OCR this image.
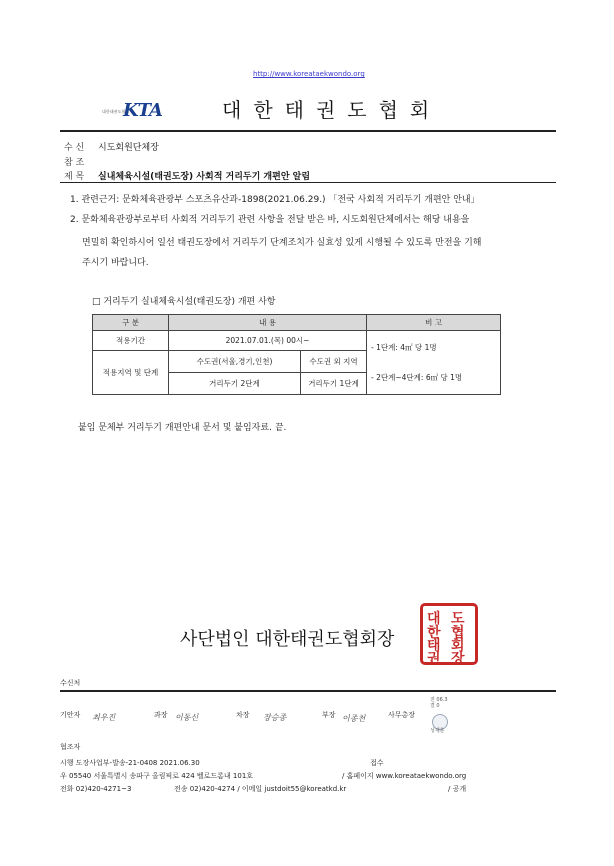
http://www.koreataekwondo.org
대한태권도협회
KTA	대한태권도협회
수 신 시도회원단체장
참 조
제 목 실내체육시설(태권도장) 사회적 거리두기 개편안 알림
1. 관련근거: 문화체육관광부 스포츠유산과-1898(2021.06.29.) 「전국 사회적 거리두기 개편안 안내」
2. 문화체육관광부로부터 사회적 거리두기 관련 사항을 전달 받은 바, 시도회원단체에서는 해당 내용을
면밀히 확인하시어 일선 태권도장에서 거리두기 단계조치가 실효성 있게 시행될 수 있도록 만전을 기해
주시기 바랍니다.
□ 거리두기 실내체육시설(태권도장) 개편 사항
구 분	내 용		비 고
적용기간	2021.07.01.(목) 00시~		- 1단계: 4㎡ 당 1명
- 2단계~4단계: 6㎡ 당 1명

적용지역 및 단계	수도권(서울,경기,인천)	수도권 외 지역	
	거리두기 2단계	거리두기 1단계	
붙임 문체부 거리두기 개편안내 문서 및 붙임자료. 끝.
사단법인 대한태권도협회장
대 도
한 협
태 회
권 장
수신처
기안자 최우진	과장 이동신	차장 장승종	부장 이종천	사무총장
전 06.3
결 0
성제훈
협조자
시행 도장사업부-발송-21-0408 2021.06.30	접수
우 05540 서울특별시 송파구 올림픽로 424 벨로드롬내 101호	/ 홈페이지 www.koreataekwondo.org
전화 02)420-4271~3	전송 02)420-4274 / 이메일 justdoit55@koreatkd.kr	/ 공개
